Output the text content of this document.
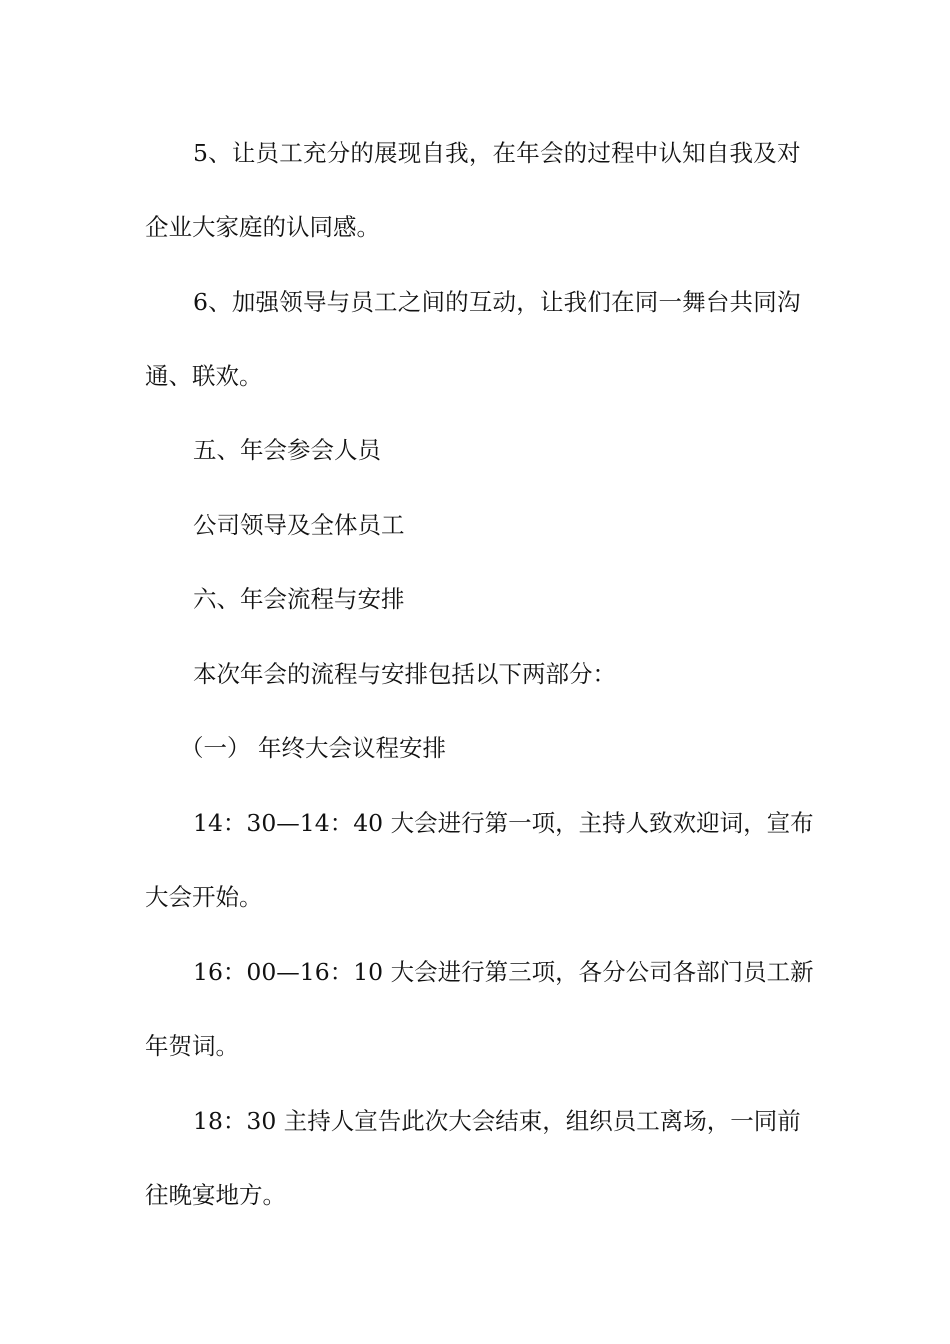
5、让员工充分的展现自我，在年会的过程中认知自我及对

企业大家庭的认同感。

6、加强领导与员工之间的互动，让我们在同一舞台共同沟

通、联欢。

五、年会参会人员

公司领导及全体员工

六、年会流程与安排

本次年会的流程与安排包括以下两部分：

（一） 年终大会议程安排

14：30—14：40 大会进行第一项，主持人致欢迎词，宣布

大会开始。

16：00—16：10 大会进行第三项，各分公司各部门员工新

年贺词。

18：30 主持人宣告此次大会结束，组织员工离场，一同前

往晚宴地方。
